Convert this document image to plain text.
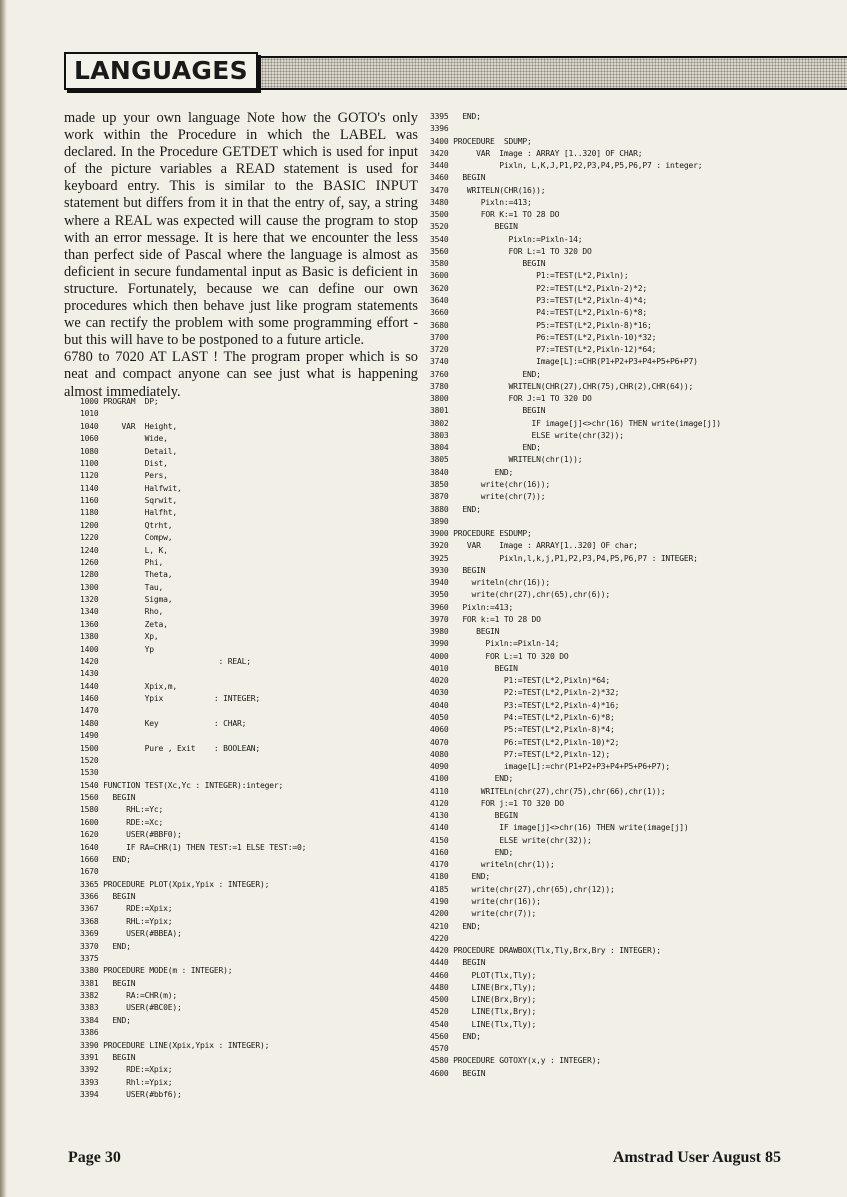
LANGUAGES

made up your own language Note how the GOTO's only work within the Procedure in which the LABEL was declared. In the Procedure GETDET which is used for input of the picture variables a READ statement is used for keyboard entry. This is similar to the BASIC INPUT statement but differs from it in that the entry of, say, a string where a REAL was expected will cause the program to stop with an error message. It is here that we encounter the less than perfect side of Pascal where the language is almost as deficient in secure fundamental input as Basic is deficient in structure. Fortunately, because we can define our own procedures which then behave just like program statements we can rectify the problem with some programming effort - but this will have to be postponed to a future article.

6780 to 7020 AT LAST ! The program proper which is so neat and compact anyone can see just what is happening almost immediately.

1000 PROGRAM  DP;
1010
1040     VAR  Height,
1060          Wide,
1080          Detail,
1100          Dist,
1120          Pers,
1140          Halfwit,
1160          Sqrwit,
1180          Halfht,
1200          Qtrht,
1220          Compw,
1240          L, K,
1260          Phi,
1280          Theta,
1300          Tau,
1320          Sigma,
1340          Rho,
1360          Zeta,
1380          Xp,
1400          Yp
1420                          : REAL;
1430
1440          Xpix,m,
1460          Ypix           : INTEGER;
1470
1480          Key            : CHAR;
1490
1500          Pure , Exit    : BOOLEAN;
1520
1530
1540 FUNCTION TEST(Xc,Yc : INTEGER):integer;
1560   BEGIN
1580      RHL:=Yc;
1600      RDE:=Xc;
1620      USER(#BBF0);
1640      IF RA=CHR(1) THEN TEST:=1 ELSE TEST:=0;
1660   END;
1670
3365 PROCEDURE PLOT(Xpix,Ypix : INTEGER);
3366   BEGIN
3367      RDE:=Xpix;
3368      RHL:=Ypix;
3369      USER(#BBEA);
3370   END;
3375
3380 PROCEDURE MODE(m : INTEGER);
3381   BEGIN
3382      RA:=CHR(m);
3383      USER(#BC0E);
3384   END;
3386
3390 PROCEDURE LINE(Xpix,Ypix : INTEGER);
3391   BEGIN
3392      RDE:=Xpix;
3393      Rhl:=Ypix;
3394      USER(#bbf6);
3395   END;
3396
3400 PROCEDURE  SDUMP;
3420      VAR  Image : ARRAY [1..320] OF CHAR;
3440           Pixln, L,K,J,P1,P2,P3,P4,P5,P6,P7 : integer;
3460   BEGIN
3470    WRITELN(CHR(16));
3480       Pixln:=413;
3500       FOR K:=1 TO 28 DO
3520          BEGIN
3540             Pixln:=Pixln-14;
3560             FOR L:=1 TO 320 DO
3580                BEGIN
3600                   P1:=TEST(L*2,Pixln);
3620                   P2:=TEST(L*2,Pixln-2)*2;
3640                   P3:=TEST(L*2,Pixln-4)*4;
3660                   P4:=TEST(L*2,Pixln-6)*8;
3680                   P5:=TEST(L*2,Pixln-8)*16;
3700                   P6:=TEST(L*2,Pixln-10)*32;
3720                   P7:=TEST(L*2,Pixln-12)*64;
3740                   Image[L]:=CHR(P1+P2+P3+P4+P5+P6+P7)
3760                END;
3780             WRITELN(CHR(27),CHR(75),CHR(2),CHR(64));
3800             FOR J:=1 TO 320 DO
3801                BEGIN
3802                  IF image[j]<>chr(16) THEN write(image[j])
3803                  ELSE write(chr(32));
3804                END;
3805             WRITELN(chr(1));
3840          END;
3850       write(chr(16));
3870       write(chr(7));
3880   END;
3890
3900 PROCEDURE ESDUMP;
3920    VAR    Image : ARRAY[1..320] OF char;
3925           Pixln,l,k,j,P1,P2,P3,P4,P5,P6,P7 : INTEGER;
3930   BEGIN
3940     writeln(chr(16));
3950     write(chr(27),chr(65),chr(6));
3960   Pixln:=413;
3970   FOR k:=1 TO 28 DO
3980      BEGIN
3990        Pixln:=Pixln-14;
4000        FOR L:=1 TO 320 DO
4010          BEGIN
4020            P1:=TEST(L*2,Pixln)*64;
4030            P2:=TEST(L*2,Pixln-2)*32;
4040            P3:=TEST(L*2,Pixln-4)*16;
4050            P4:=TEST(L*2,Pixln-6)*8;
4060            P5:=TEST(L*2,Pixln-8)*4;
4070            P6:=TEST(L*2,Pixln-10)*2;
4080            P7:=TEST(L*2,Pixln-12);
4090            image[L]:=chr(P1+P2+P3+P4+P5+P6+P7);
4100          END;
4110       WRITELn(chr(27),chr(75),chr(66),chr(1));
4120       FOR j:=1 TO 320 DO
4130          BEGIN
4140           IF image[j]<>chr(16) THEN write(image[j])
4150           ELSE write(chr(32));
4160          END;
4170       writeln(chr(1));
4180     END;
4185     write(chr(27),chr(65),chr(12));
4190     write(chr(16));
4200     write(chr(7));
4210   END;
4220
4420 PROCEDURE DRAWBOX(Tlx,Tly,Brx,Bry : INTEGER);
4440   BEGIN
4460     PLOT(Tlx,Tly);
4480     LINE(Brx,Tly);
4500     LINE(Brx,Bry);
4520     LINE(Tlx,Bry);
4540     LINE(Tlx,Tly);
4560   END;
4570
4580 PROCEDURE GOTOXY(x,y : INTEGER);
4600   BEGIN
Page 30	Amstrad User August 85
